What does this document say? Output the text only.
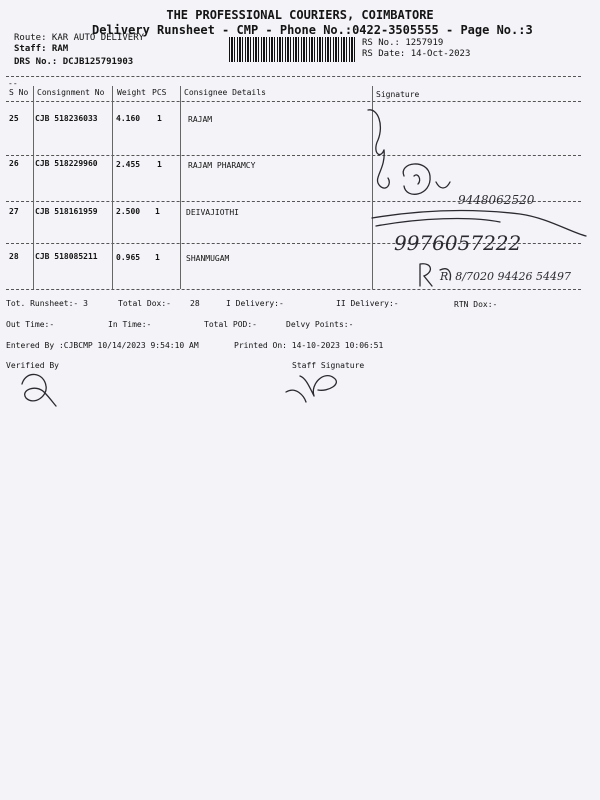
THE PROFESSIONAL COURIERS, COIMBATORE
Delivery Runsheet - CMP - Phone No.:0422-3505555 - Page No.:3
Route: KAR AUTO DELIVERY
Staff: RAM
DRS No.: DCJB125791903
RS No.: 1257919
RS Date: 14-Oct-2023
--
S No Consignment No Weight PCS Consignee Details	Signature
25 CJB 518236033 4.160 1	RAJAM
26 CJB 518229960 2.455 1	RAJAM PHARAMCY
27 CJB 518161959 2.500 1	DEIVAJIOTHI
28 CJB 518085211 0.965 1	SHANMUGAM
9448062520
9976057222
R. 8/7020 94426 54497
Tot. Runsheet:- 3	Total Dox:- 28	I Delivery:-	II Delivery:-	RTN Dox:-
Out Time:-	In Time:-	Total POD:-	Delvy Points:-
Entered By :CJBCMP 10/14/2023 9:54:10 AM	Printed On: 14-10-2023 10:06:51
Verified By	Staff Signature
